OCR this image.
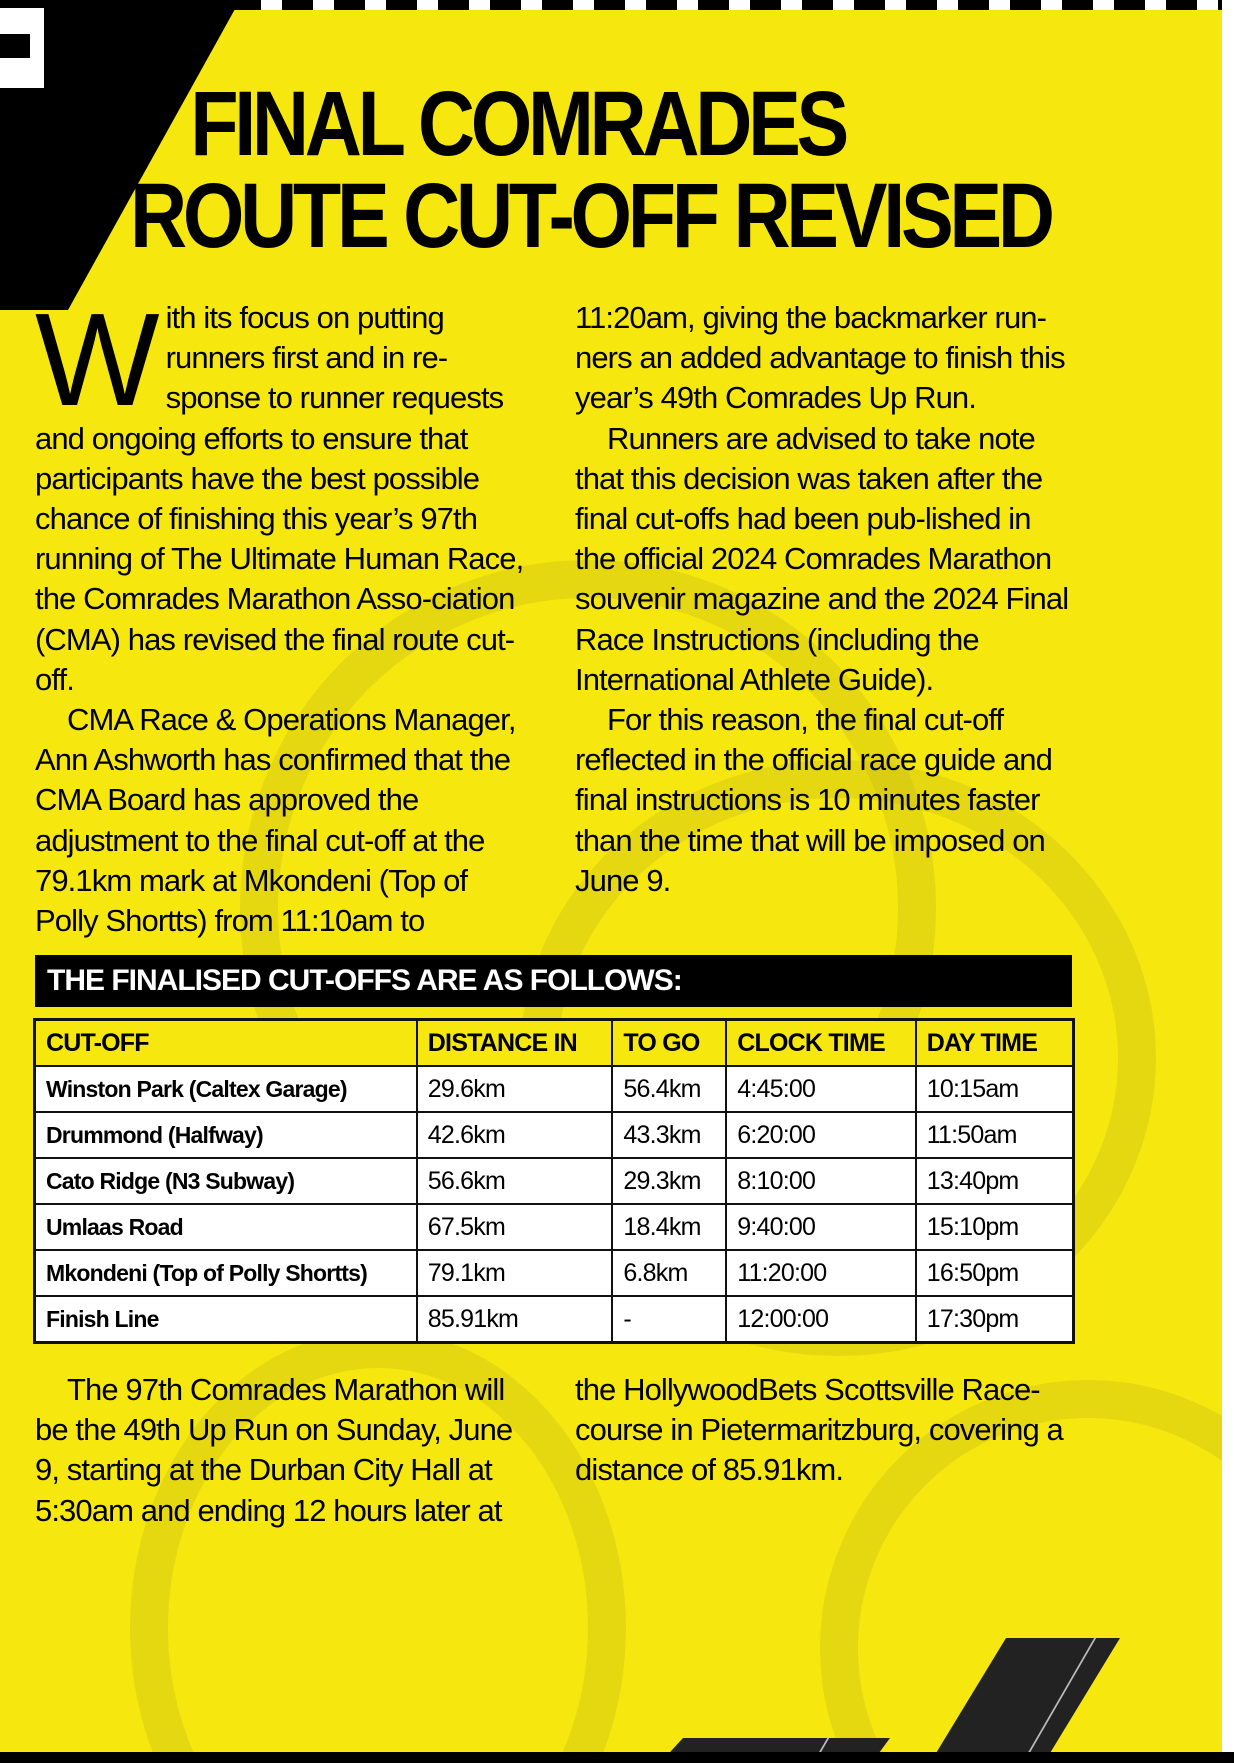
FINAL COMRADES
ROUTE CUT-OFF REVISED
W ith its focus on putting runners first and in re-sponse to runner requests and ongoing efforts to ensure that participants have the best possible chance of finishing this year’s 97th running of The Ultimate Human Race, the Comrades Marathon Asso-ciation (CMA) has revised the final route cut-off.

CMA Race & Operations Manager, Ann Ashworth has confirmed that the CMA Board has approved the adjustment to the final cut-off at the 79.1km mark at Mkondeni (Top of Polly Shortts) from 11:10am to

11:20am, giving the backmarker run-ners an added advantage to finish this year’s 49th Comrades Up Run.

Runners are advised to take note that this decision was taken after the final cut-offs had been pub-lished in the official 2024 Comrades Marathon souvenir magazine and the 2024 Final Race Instructions (including the International Athlete Guide).

For this reason, the final cut-off reflected in the official race guide and final instructions is 10 minutes faster than the time that will be imposed on June 9.

THE FINALISED CUT-OFFS ARE AS FOLLOWS:
CUT-OFF	DISTANCE IN	TO GO	CLOCK TIME	DAY TIME
Winston Park (Caltex Garage)	29.6km	56.4km	4:45:00	10:15am
Drummond (Halfway)	42.6km	43.3km	6:20:00	11:50am
Cato Ridge (N3 Subway)	56.6km	29.3km	8:10:00	13:40pm
Umlaas Road	67.5km	18.4km	9:40:00	15:10pm
Mkondeni (Top of Polly Shortts)	79.1km	6.8km	11:20:00	16:50pm
Finish Line	85.91km	-	12:00:00	17:30pm

The 97th Comrades Marathon will be the 49th Up Run on Sunday, June 9, starting at the Durban City Hall at 5:30am and ending 12 hours later at

the HollywoodBets Scottsville Race-course in Pietermaritzburg, covering a distance of 85.91km.
